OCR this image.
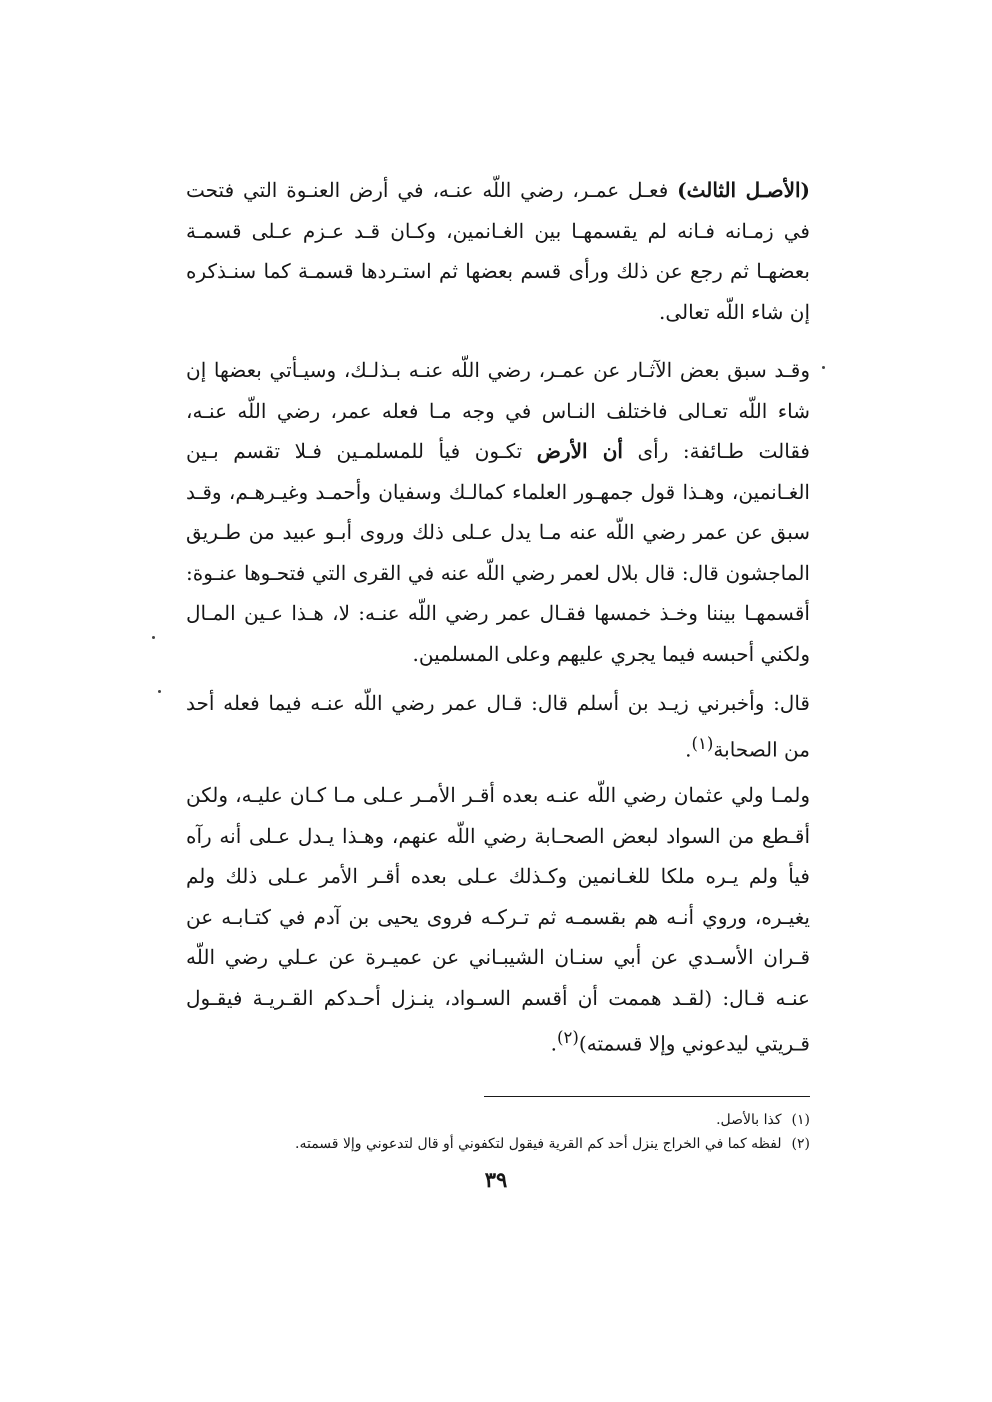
(الأصـل الثالث) فعـل عمـر، رضي اللّه عنـه، في أرض العنـوة التي فتحت في زمـانه فـانه لم يقسمهـا بين الغـانمين، وكـان قـد عـزم عـلى قسمـة بعضهـا ثم رجع عن ذلك ورأى قسم بعضها ثم استـردها قسمـة كما سنـذكره إن شاء اللّه تعالى.

وقـد سبق بعض الآثـار عن عمـر، رضي اللّه عنـه بـذلـك، وسيـأتي بعضها إن شاء اللّه تعـالى فاختلف النـاس في وجه مـا فعله عمر، رضي اللّه عنـه، فقالت طـائفة: رأى أن الأرض تكـون فيأ للمسلمـين فـلا تقسم بـين الغـانمين، وهـذا قول جمهـور العلماء كمالـك وسفيان وأحمـد وغيـرهـم، وقـد سبق عن عمر رضي اللّه عنه مـا يدل عـلى ذلك وروى أبـو عبيد من طـريق الماجشون قال: قال بلال لعمر رضي اللّه عنه في القرى التي فتحـوها عنـوة: أقسمهـا بيننا وخـذ خمسها فقـال عمر رضي اللّه عنـه: لا، هـذا عـين المـال ولكني أحبسه فيما يجري عليهم وعلى المسلمين.

قال: وأخبرني زيـد بن أسلم قال: قـال عمر رضي اللّه عنـه فيما فعله أحد من الصحابة$^{(١)}$.

ولمـا ولي عثمان رضي اللّه عنـه بعده أقـر الأمـر عـلى مـا كـان عليـه، ولكن أقـطع من السواد لبعض الصحـابة رضي اللّه عنهم، وهـذا يـدل عـلى أنه رآه فيأ ولم يـره ملكا للغـانمين وكـذلك عـلى بعده أقـر الأمر عـلى ذلك ولم يغيـره، وروي أنـه هم بقسمـه ثم تـركـه فروى يحيى بن آدم في كتـابـه عن قـران الأسـدي عن أبي سنـان الشيبـاني عن عميـرة عن عـلي رضي اللّه عنـه قـال: (لقـد هممت أن أقسم السـواد، ينـزل أحـدكم القـريـة فيقـول قـريتي ليدعوني وإلا قسمته)$^{(٢)}$.

(١)كذا بالأصل.
(٢)لفظه كما في الخراج ينزل أحد كم القرية فيقول لتكفوني أو قال لتدعوني وإلا قسمته.
٣٩
